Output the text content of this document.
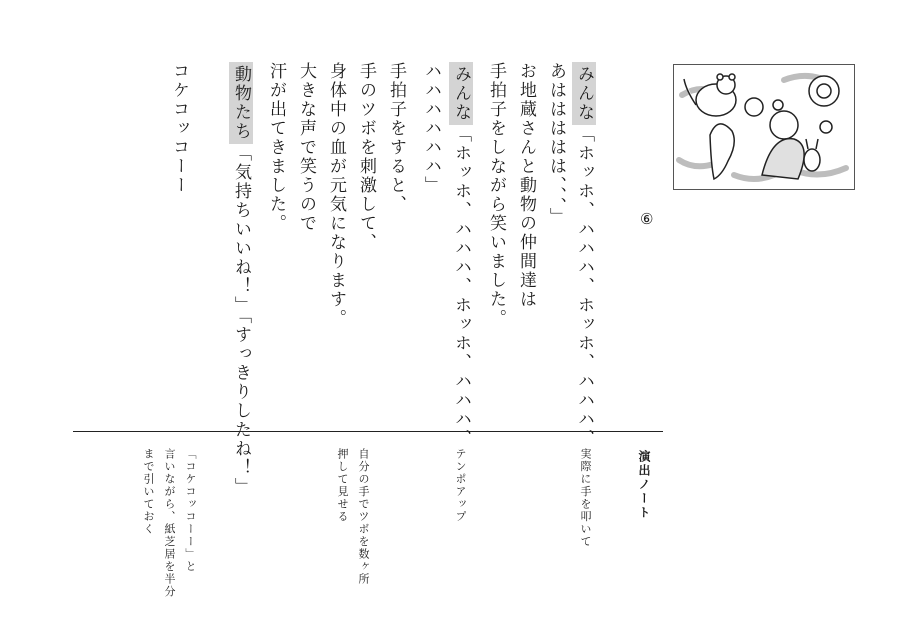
⑥
みんな「ホッホ、ハハハ、ホッホ、ハハハ、
あははははは、、、」
お地蔵さんと動物の仲間達は
手拍子をしながら笑いました。
みんな「ホッホ、ハハハ、ホッホ、ハハハ、
ハハハハハハ」
手拍子をすると、
手のツボを刺激して、
身体中の血が元気になります。
大きな声で笑うので
汗が出てきました。
動物たち「気持ちいいね！」「すっきりしたね！」
コケコッコーー
演出ノート
実際に手を叩いて
テンポアップ
自分の手でツボを数ヶ所
押して見せる
「コケコッコーー」と
言いながら、紙芝居を半分
まで引いておく
